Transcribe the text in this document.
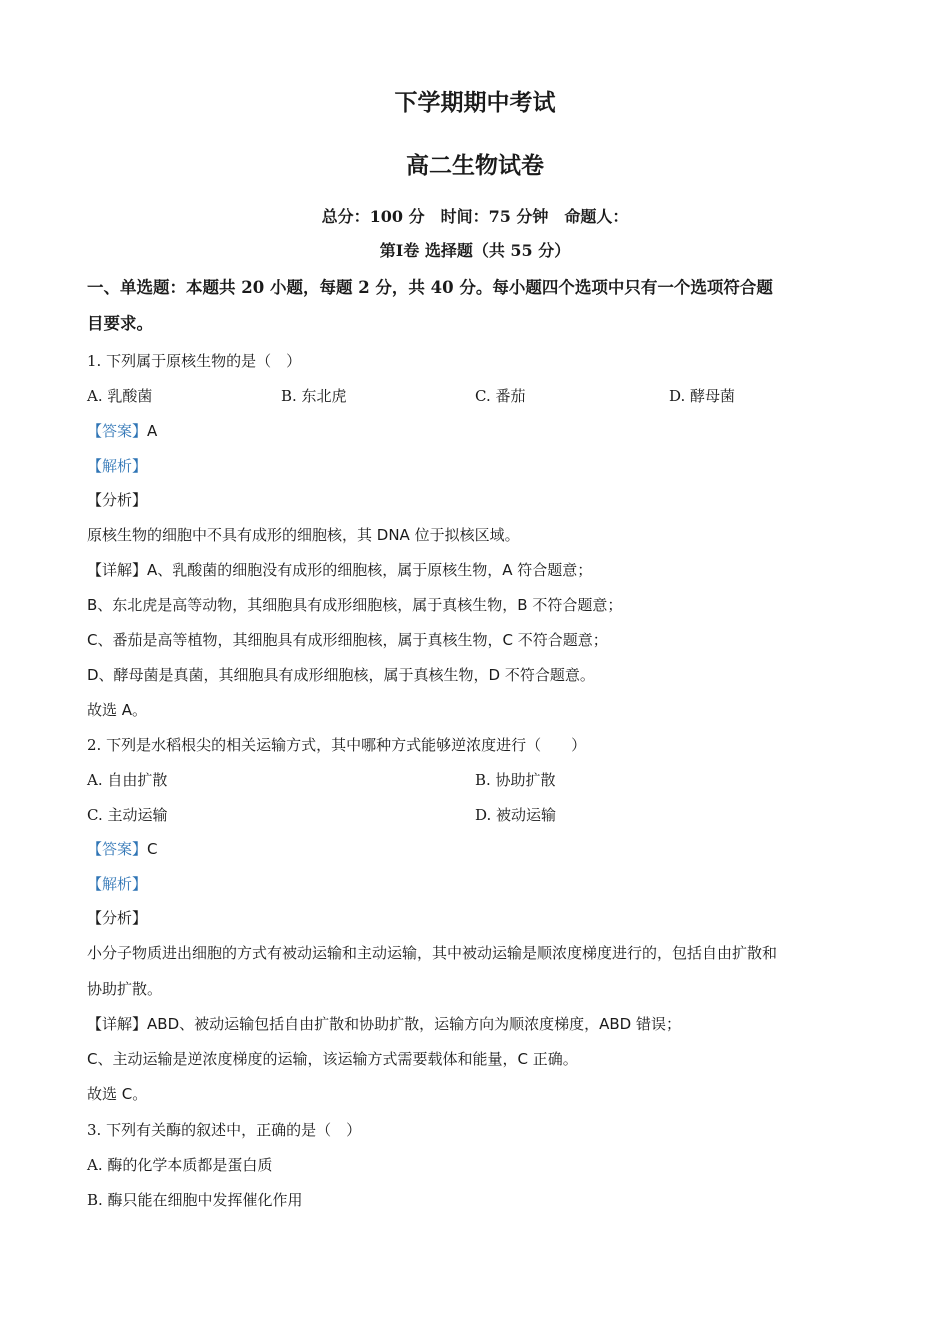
下学期期中考试
高二生物试卷
总分：100 分　时间：75 分钟　命题人：
第Ⅰ卷 选择题（共 55 分）
一、单选题：本题共 20 小题，每题 2 分，共 40 分。每小题四个选项中只有一个选项符合题
目要求。
1. 下列属于原核生物的是（　）
A. 乳酸菌	B. 东北虎	C. 番茄	D. 酵母菌
【答案】A
【解析】
【分析】
原核生物的细胞中不具有成形的细胞核，其 DNA 位于拟核区域。
【详解】A、乳酸菌的细胞没有成形的细胞核，属于原核生物，A 符合题意；
B、东北虎是高等动物，其细胞具有成形细胞核，属于真核生物，B 不符合题意；
C、番茄是高等植物，其细胞具有成形细胞核，属于真核生物，C 不符合题意；
D、酵母菌是真菌，其细胞具有成形细胞核，属于真核生物，D 不符合题意。
故选 A。
2. 下列是水稻根尖的相关运输方式，其中哪种方式能够逆浓度进行（　　）
A. 自由扩散	B. 协助扩散
C. 主动运输	D. 被动运输
【答案】C
【解析】
【分析】
小分子物质进出细胞的方式有被动运输和主动运输，其中被动运输是顺浓度梯度进行的，包括自由扩散和
协助扩散。
【详解】ABD、被动运输包括自由扩散和协助扩散，运输方向为顺浓度梯度，ABD 错误；
C、主动运输是逆浓度梯度的运输，该运输方式需要载体和能量，C 正确。
故选 C。
3. 下列有关酶的叙述中，正确的是（　）
A. 酶的化学本质都是蛋白质
B. 酶只能在细胞中发挥催化作用
